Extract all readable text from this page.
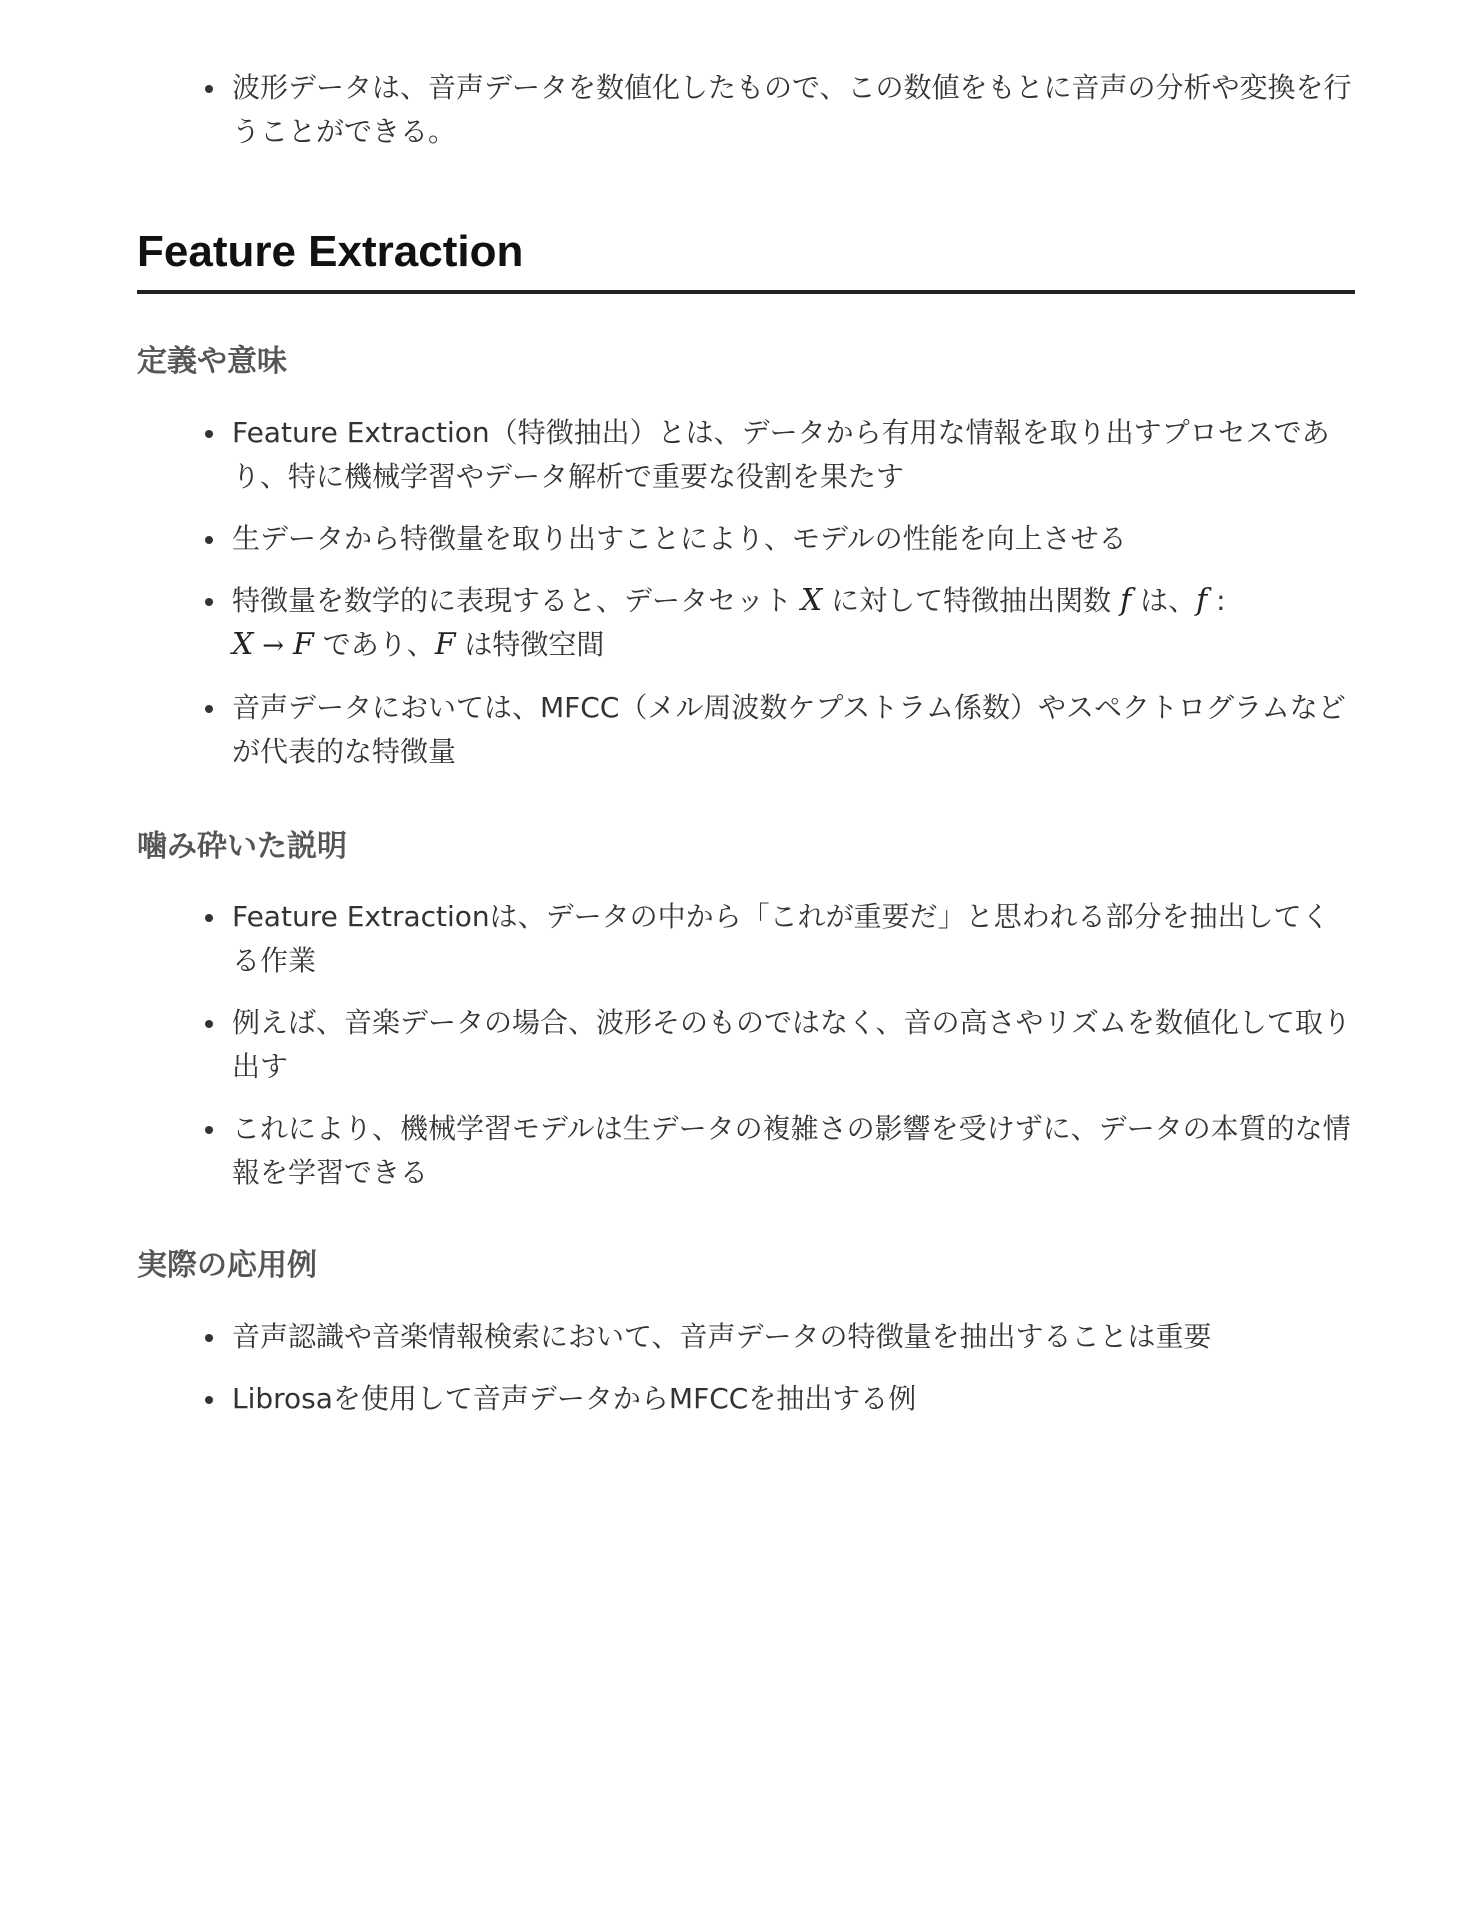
波形データは、音声データを数値化したもので、この数値をもとに音声の分析や変換を行うことができる。
Feature Extraction
定義や意味
Feature Extraction（特徴抽出）とは、データから有用な情報を取り出すプロセスであり、特に機械学習やデータ解析で重要な役割を果たす
生データから特徴量を取り出すことにより、モデルの性能を向上させる
特徴量を数学的に表現すると、データセット X に対して特徴抽出関数 f は、f :
X → F であり、F は特徴空間
音声データにおいては、MFCC（メル周波数ケプストラム係数）やスペクトログラムなどが代表的な特徴量
噛み砕いた説明
Feature Extractionは、データの中から「これが重要だ」と思われる部分を抽出してくる作業
例えば、音楽データの場合、波形そのものではなく、音の高さやリズムを数値化して取り出す
これにより、機械学習モデルは生データの複雑さの影響を受けずに、データの本質的な情報を学習できる
実際の応用例
音声認識や音楽情報検索において、音声データの特徴量を抽出することは重要
Librosaを使用して音声データからMFCCを抽出する例
